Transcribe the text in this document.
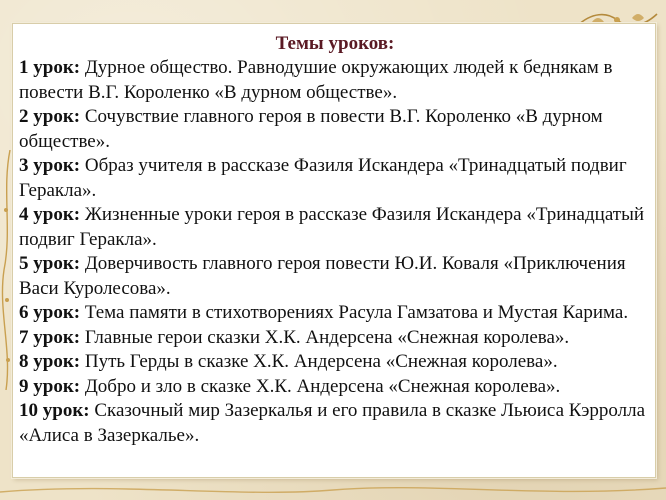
Темы уроков:

1 урок: Дурное общество. Равнодушие окружающих людей к беднякам в повести В.Г. Короленко «В дурном обществе».

2 урок: Сочувствие главного героя в повести В.Г. Короленко «В дурном обществе».

3 урок: Образ учителя в рассказе Фазиля Искандера «Тринадцатый подвиг Геракла».

4 урок: Жизненные уроки героя в рассказе Фазиля Искандера «Тринадцатый подвиг Геракла».

5 урок: Доверчивость главного героя повести Ю.И. Коваля «Приключения Васи Куролесова».

6 урок: Тема памяти в стихотворениях Расула Гамзатова и Мустая Карима.

7 урок: Главные герои сказки Х.К. Андерсена «Снежная королева».

8 урок: Путь Герды в сказке Х.К. Андерсена «Снежная королева».

9 урок: Добро и зло в сказке Х.К. Андерсена «Снежная королева».

10 урок: Сказочный мир Зазеркалья и его правила в сказке Льюиса Кэрролла «Алиса в Зазеркалье».
